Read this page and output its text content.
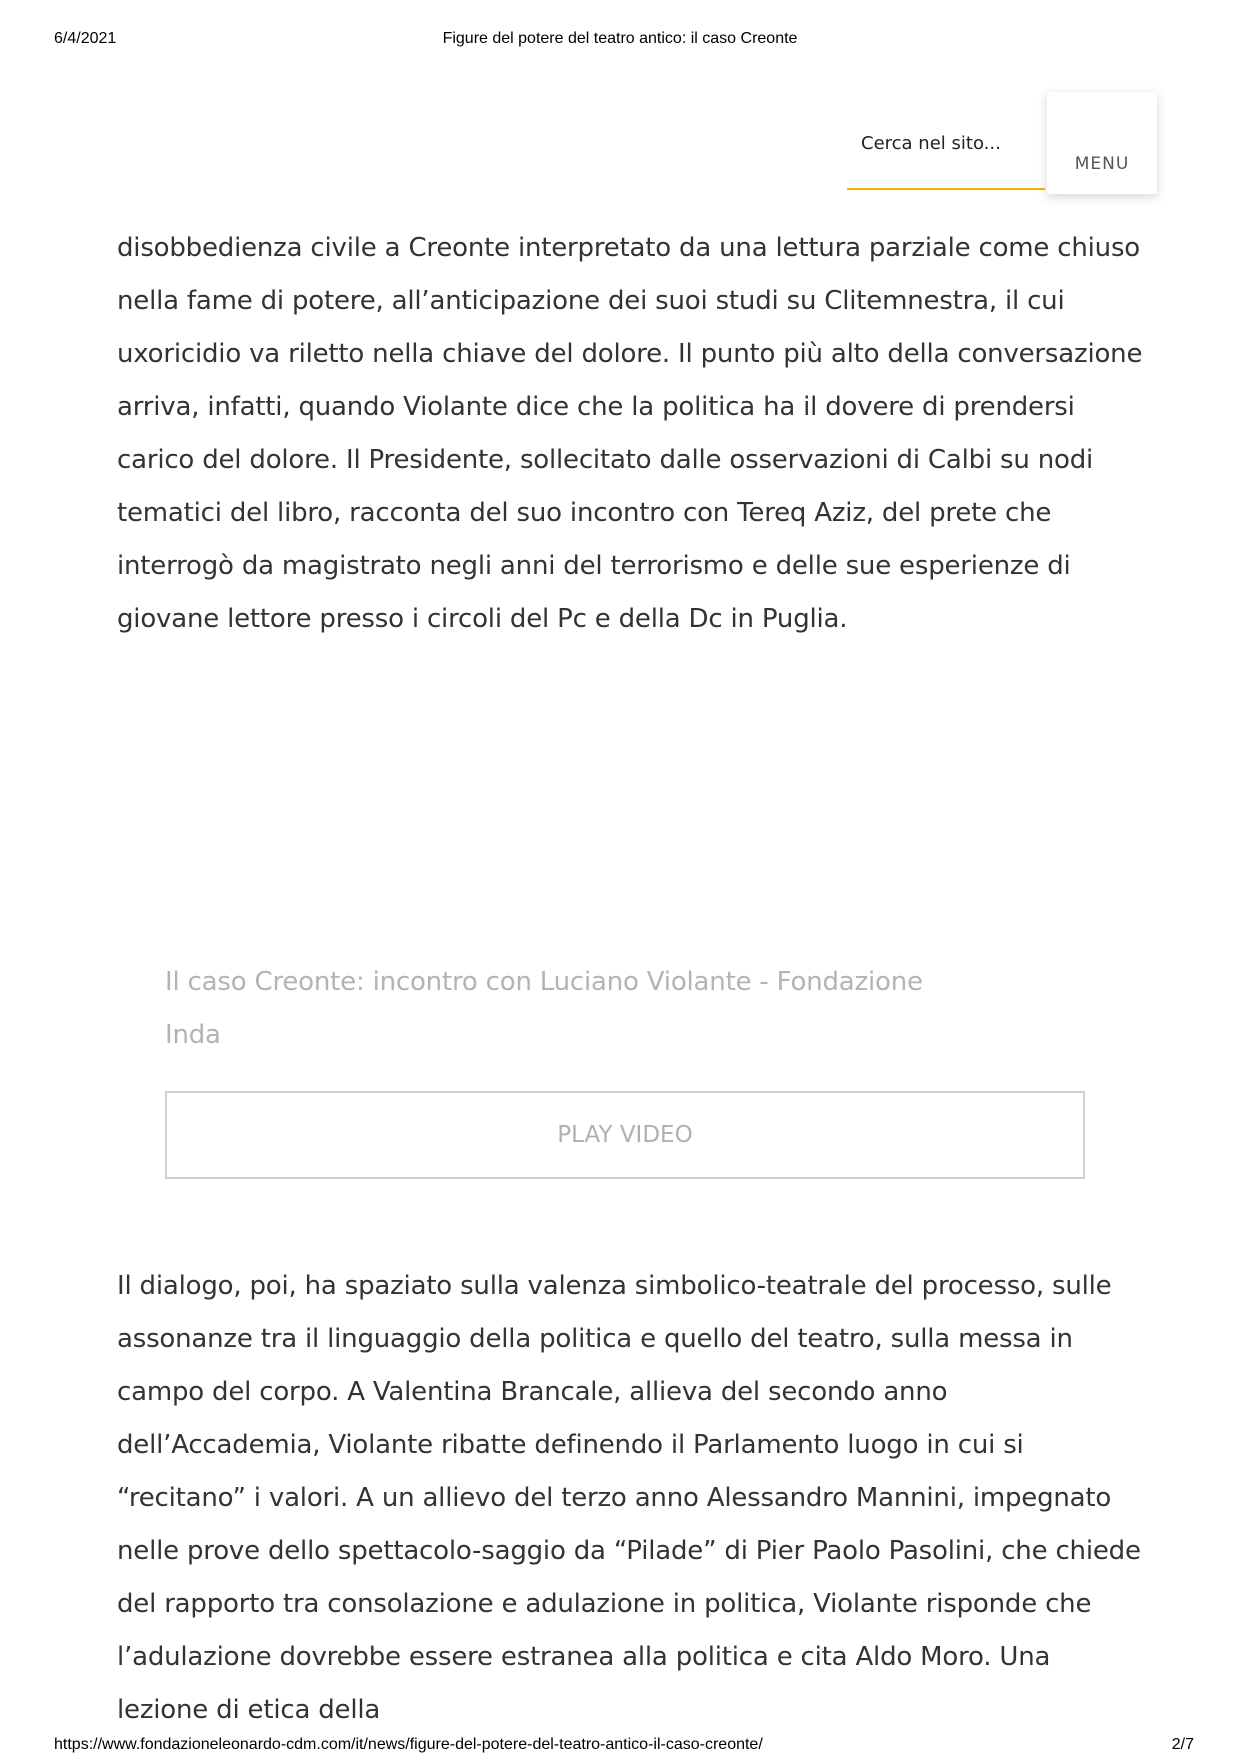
6/4/2021	Figure del potere del teatro antico: il caso Creonte
Cerca nel sito...
MENU

disobbedienza civile a Creonte interpretato da una lettura parziale come chiuso nella fame di potere, all’anticipazione dei suoi studi su Clitemnestra, il cui uxoricidio va riletto nella chiave del dolore. Il punto più alto della conversazione arriva, infatti, quando Violante dice che la politica ha il dovere di prendersi carico del dolore. Il Presidente, sollecitato dalle osservazioni di Calbi su nodi tematici del libro, racconta del suo incontro con Tereq Aziz, del prete che interrogò da magistrato negli anni del terrorismo e delle sue esperienze di giovane lettore presso i circoli del Pc e della Dc in Puglia.

Il caso Creonte: incontro con Luciano Violante - Fondazione Inda

PLAY VIDEO

Il dialogo, poi, ha spaziato sulla valenza simbolico-teatrale del processo, sulle assonanze tra il linguaggio della politica e quello del teatro, sulla messa in campo del corpo. A Valentina Brancale, allieva del secondo anno dell’Accademia, Violante ribatte definendo il Parlamento luogo in cui si “recitano” i valori. A un allievo del terzo anno Alessandro Mannini, impegnato nelle prove dello spettacolo-saggio da “Pilade” di Pier Paolo Pasolini, che chiede del rapporto tra consolazione e adulazione in politica, Violante risponde che l’adulazione dovrebbe essere estranea alla politica e cita Aldo Moro. Una lezione di etica della

https://www.fondazioneleonardo-cdm.com/it/news/figure-del-potere-del-teatro-antico-il-caso-creonte/	2/7
